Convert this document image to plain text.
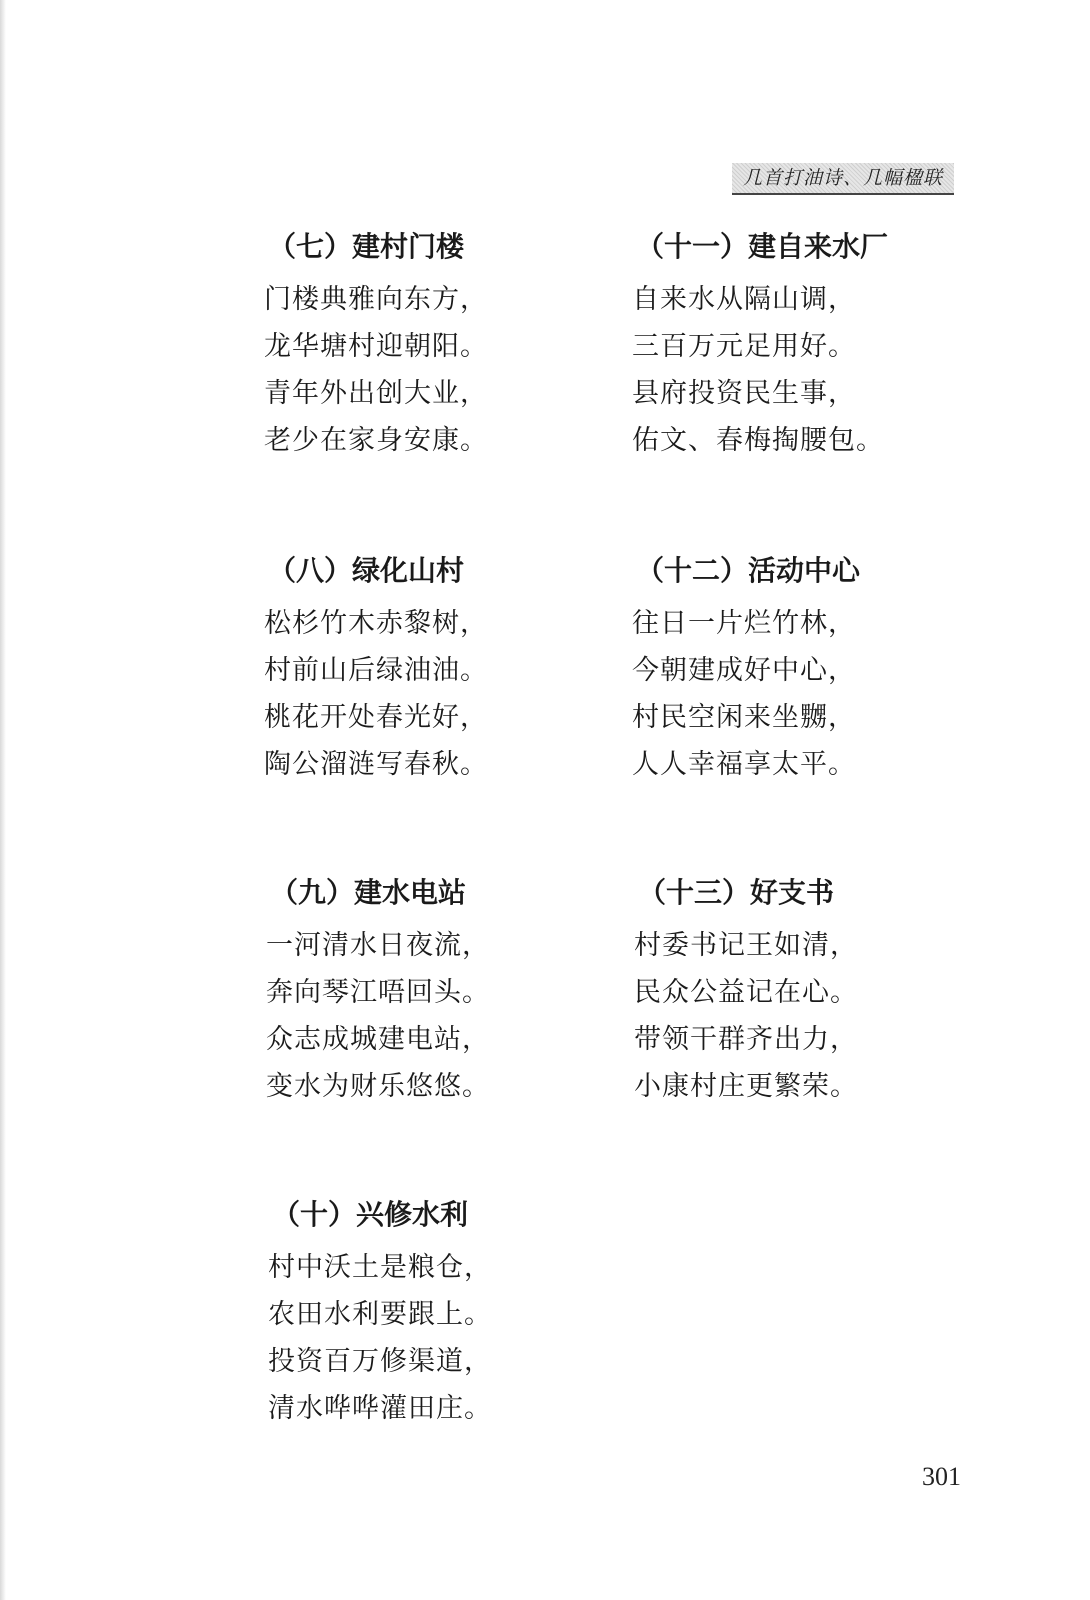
几首打油诗、几幅楹联
（七）建村门楼
门楼典雅向东方，
龙华塘村迎朝阳。
青年外出创大业，
老少在家身安康。
（八）绿化山村
松杉竹木赤黎树，
村前山后绿油油。
桃花开处春光好，
陶公溜涟写春秋。
（九）建水电站
一河清水日夜流，
奔向琴江唔回头。
众志成城建电站，
变水为财乐悠悠。
（十）兴修水利
村中沃土是粮仓，
农田水利要跟上。
投资百万修渠道，
清水哗哗灌田庄。
（十一）建自来水厂
自来水从隔山调，
三百万元足用好。
县府投资民生事，
佑文、春梅掏腰包。
（十二）活动中心
往日一片烂竹林，
今朝建成好中心，
村民空闲来坐嬲，
人人幸福享太平。
（十三）好支书
村委书记王如清，
民众公益记在心。
带领干群齐出力，
小康村庄更繁荣。
301
